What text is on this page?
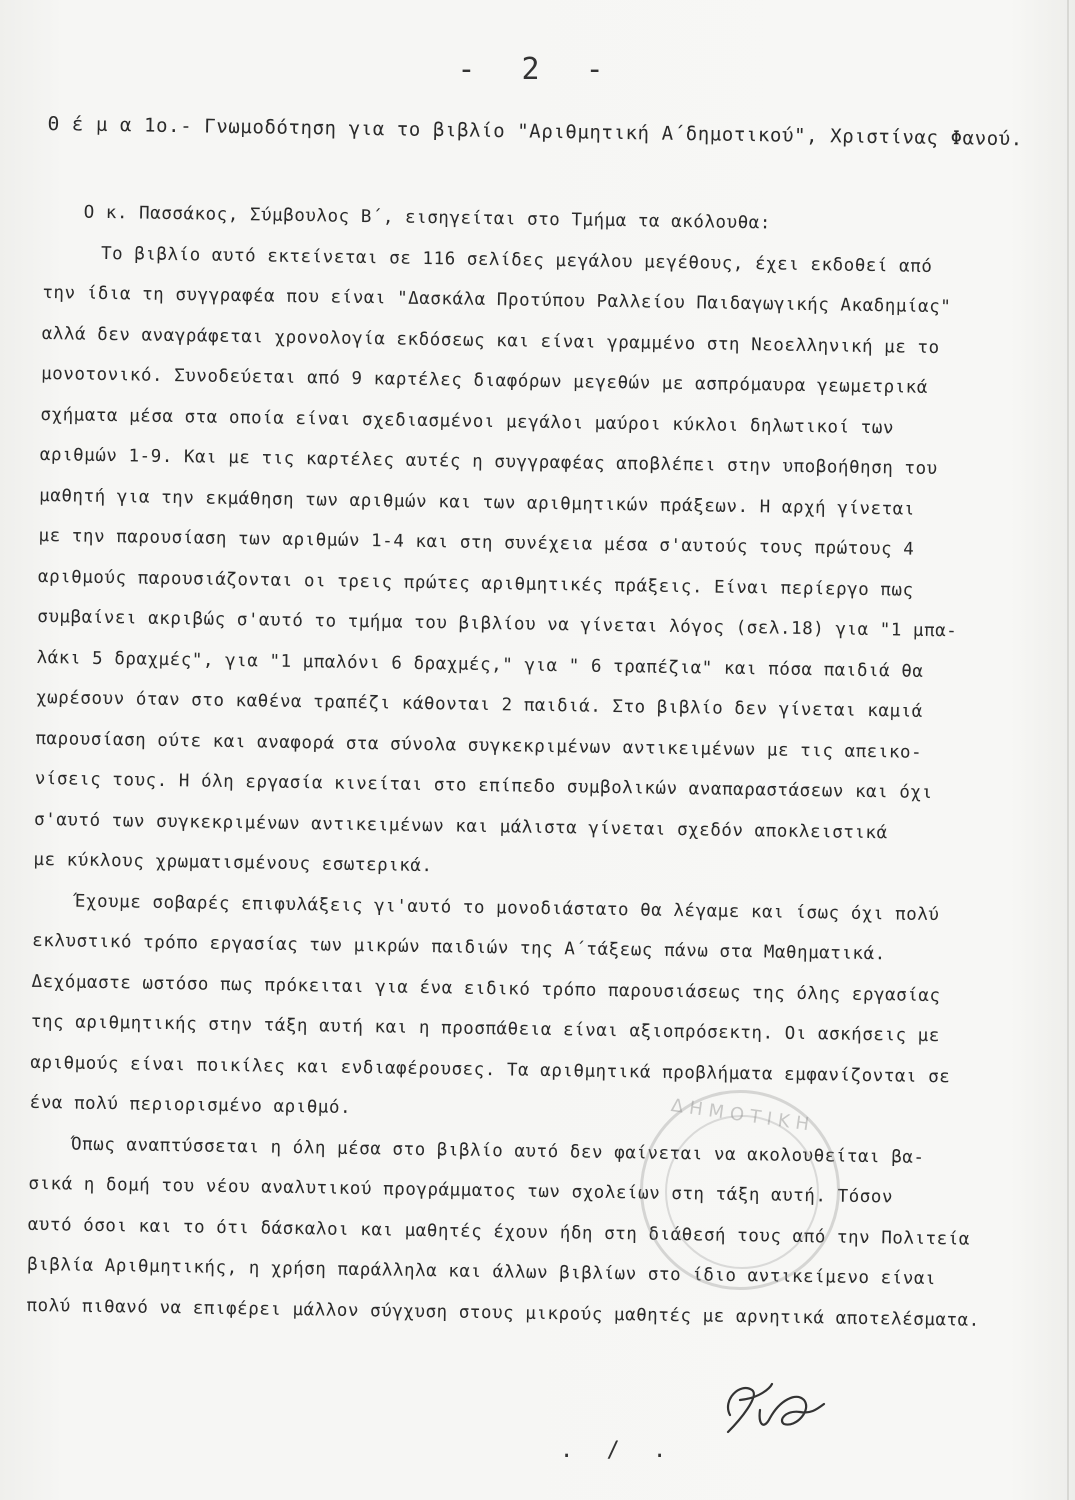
- 2 -
Θ έ μ α 1ο.- Γνωμοδότηση για το βιβλίο "Αριθμητική Α΄δημοτικού", Χριστίνας Φανού.

Ο κ. Πασσάκος, Σύμβουλος Β΄, εισηγείται στο Τμήμα τα ακόλουθα:

Το βιβλίο αυτό εκτείνεται σε 116 σελίδες μεγάλου μεγέθους, έχει εκδοθεί από
την ίδια τη συγγραφέα που είναι "Δασκάλα Προτύπου Ραλλείου Παιδαγωγικής Ακαδημίας"
αλλά δεν αναγράφεται χρονολογία εκδόσεως και είναι γραμμένο στη Νεοελληνική με το
μονοτονικό. Συνοδεύεται από 9 καρτέλες διαφόρων μεγεθών με ασπρόμαυρα γεωμετρικά
σχήματα μέσα στα οποία είναι σχεδιασμένοι μεγάλοι μαύροι κύκλοι δηλωτικοί των
αριθμών 1-9. Και με τις καρτέλες αυτές η συγγραφέας αποβλέπει στην υποβοήθηση του
μαθητή για την εκμάθηση των αριθμών και των αριθμητικών πράξεων. Η αρχή γίνεται
με την παρουσίαση των αριθμών 1-4 και στη συνέχεια μέσα σ'αυτούς τους πρώτους 4
αριθμούς παρουσιάζονται οι τρεις πρώτες αριθμητικές πράξεις. Είναι περίεργο πως
συμβαίνει ακριβώς σ'αυτό το τμήμα του βιβλίου να γίνεται λόγος (σελ.18) για "1 μπα-
λάκι 5 δραχμές", για "1 μπαλόνι 6 δραχμές," για " 6 τραπέζια" και πόσα παιδιά θα
χωρέσουν όταν στο καθένα τραπέζι κάθονται 2 παιδιά. Στο βιβλίο δεν γίνεται καμιά
παρουσίαση ούτε και αναφορά στα σύνολα συγκεκριμένων αντικειμένων με τις απεικο-
νίσεις τους. Η όλη εργασία κινείται στο επίπεδο συμβολικών αναπαραστάσεων και όχι
σ'αυτό των συγκεκριμένων αντικειμένων και μάλιστα γίνεται σχεδόν αποκλειστικά
με κύκλους χρωματισμένους εσωτερικά.

Έχουμε σοβαρές επιφυλάξεις γι'αυτό το μονοδιάστατο θα λέγαμε και ίσως όχι πολύ
εκλυστικό τρόπο εργασίας των μικρών παιδιών της Α΄τάξεως πάνω στα Μαθηματικά.
Δεχόμαστε ωστόσο πως πρόκειται για ένα ειδικό τρόπο παρουσιάσεως της όλης εργασίας
της αριθμητικής στην τάξη αυτή και η προσπάθεια είναι αξιοπρόσεκτη. Οι ασκήσεις με
αριθμούς είναι ποικίλες και ενδιαφέρουσες. Τα αριθμητικά προβλήματα εμφανίζονται σε
ένα πολύ περιορισμένο αριθμό.

Όπως αναπτύσσεται η όλη μέσα στο βιβλίο αυτό δεν φαίνεται να ακολουθείται βα-
σικά η δομή του νέου αναλυτικού προγράμματος των σχολείων στη τάξη αυτή. Τόσον
αυτό όσοι και το ότι δάσκαλοι και μαθητές έχουν ήδη στη διάθεσή τους από την Πολιτεία
βιβλία Αριθμητικής, η χρήση παράλληλα και άλλων βιβλίων στο ίδιο αντικείμενο είναι
πολύ πιθανό να επιφέρει μάλλον σύγχυση στους μικρούς μαθητές με αρνητικά αποτελέσματα.

ΔΗΜΟΤΙΚΗ
. / .
